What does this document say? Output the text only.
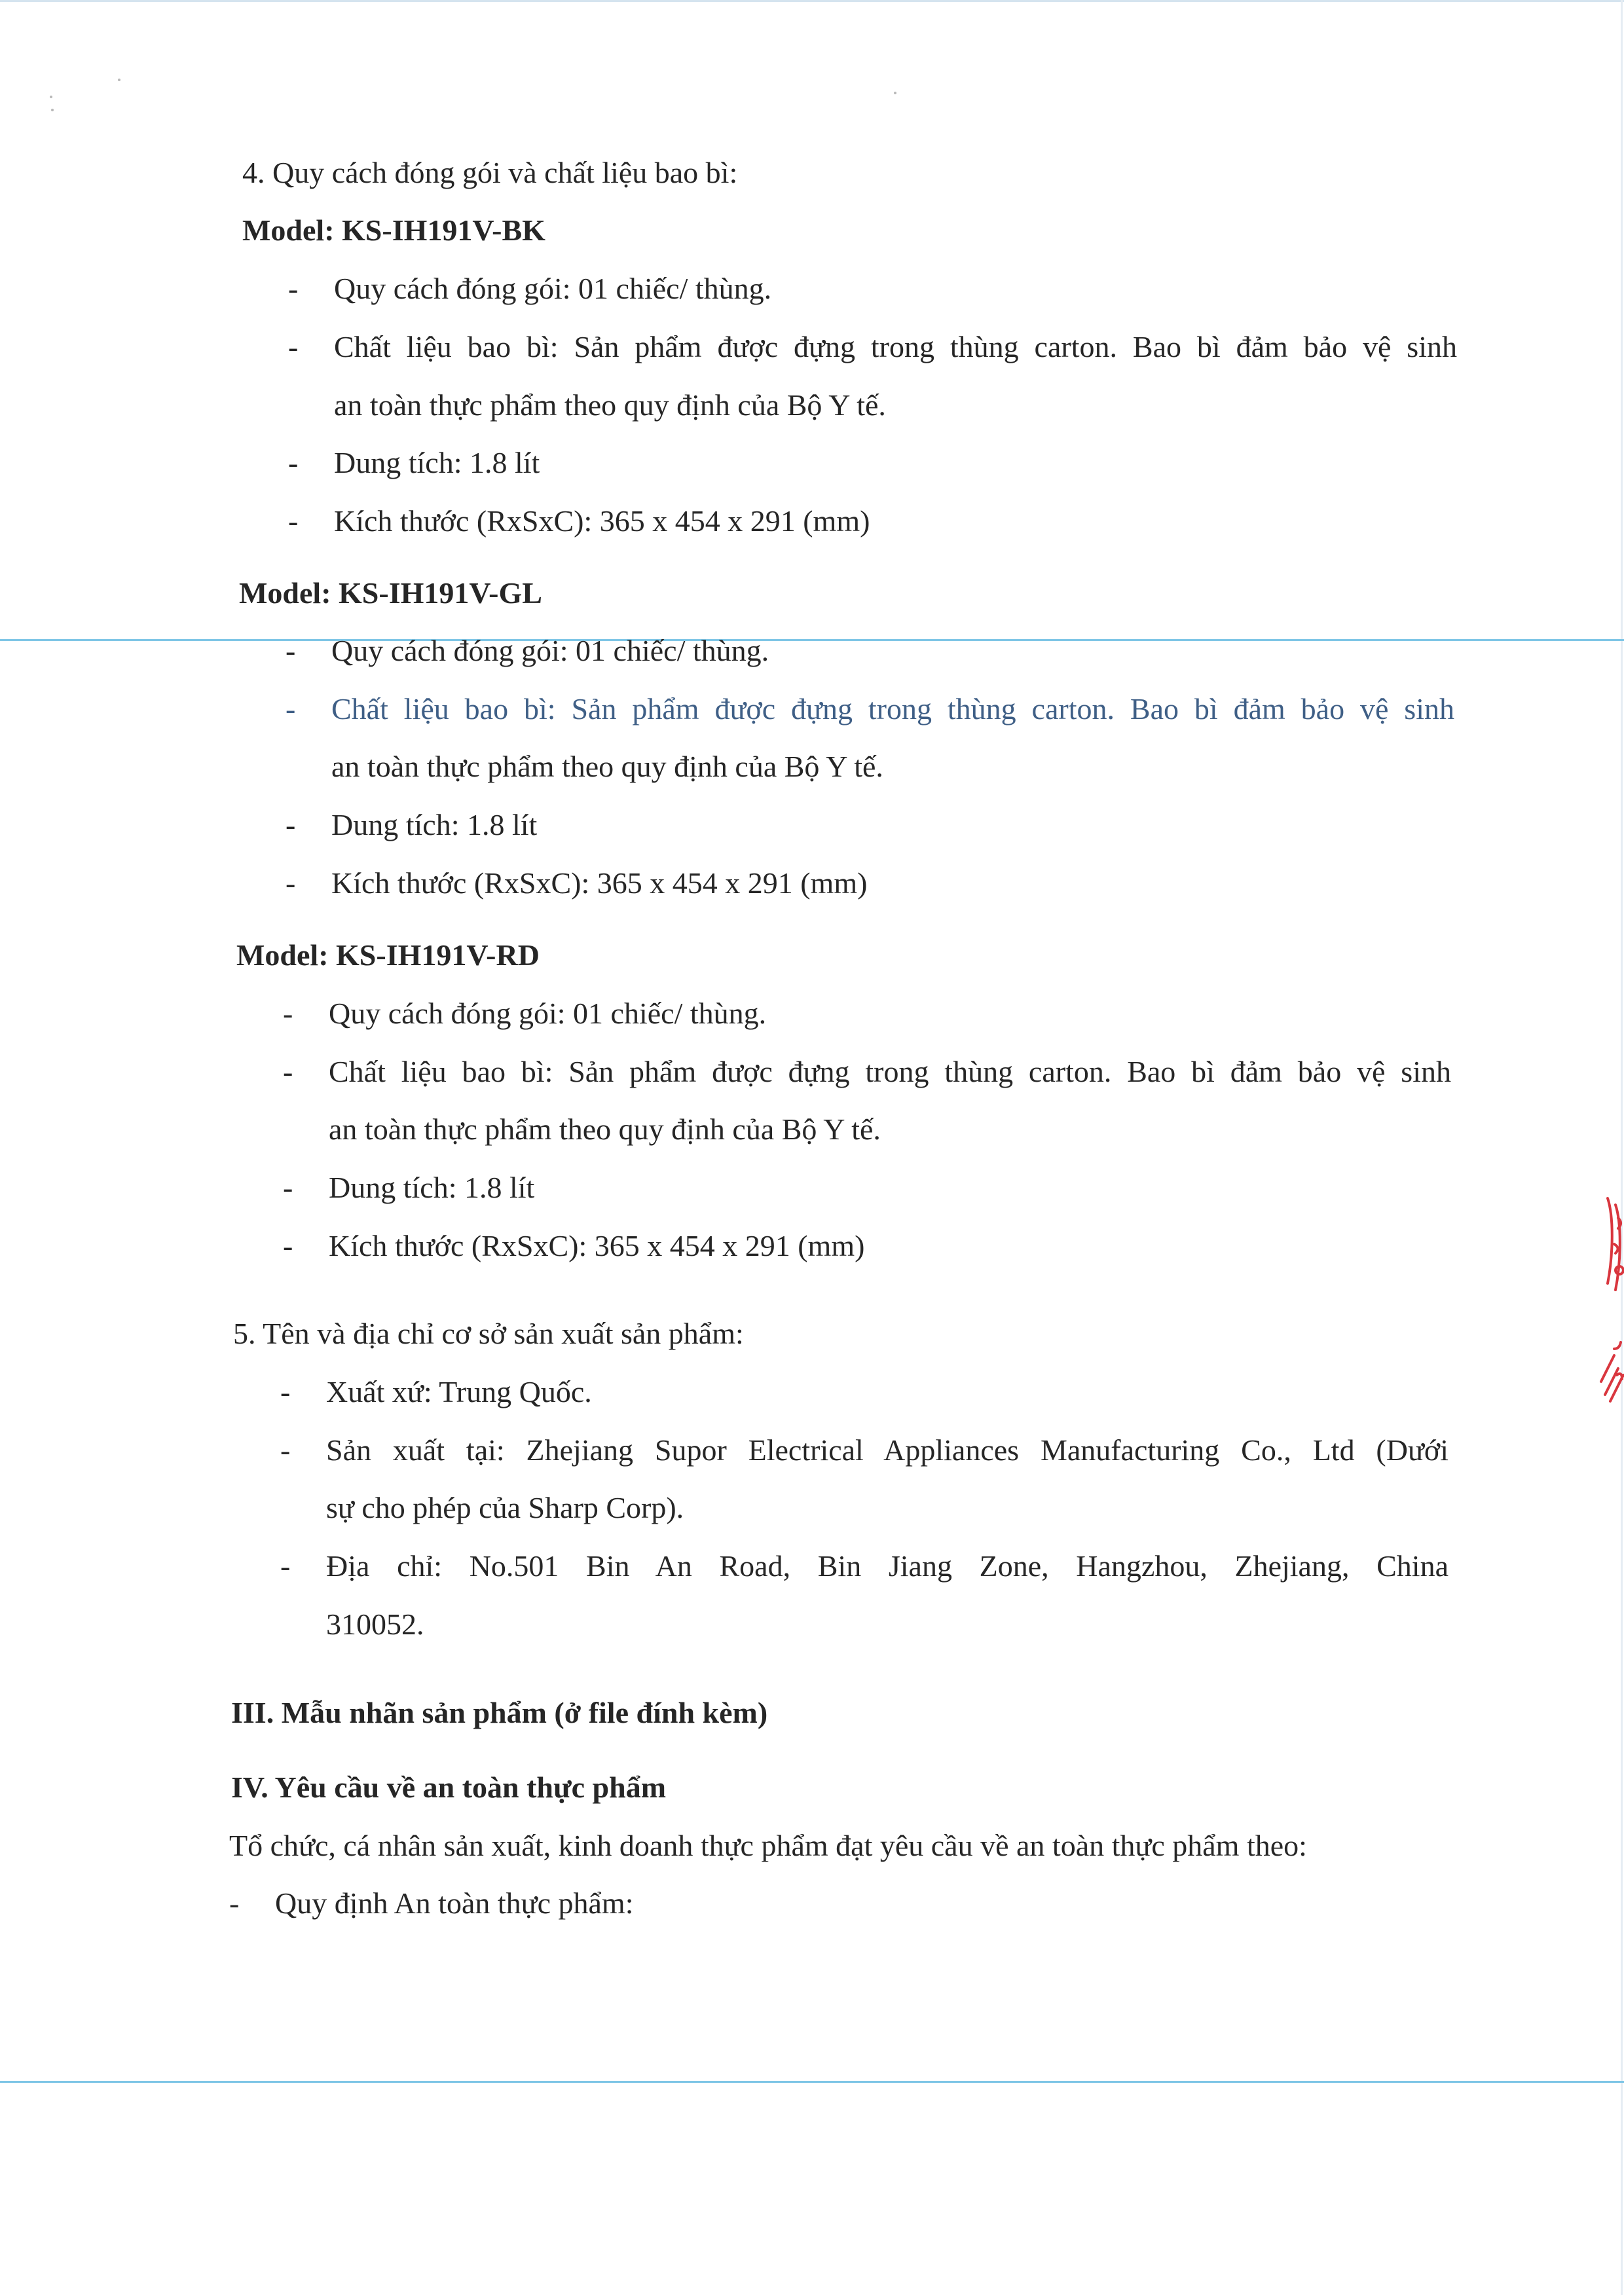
4. Quy cách đóng gói và chất liệu bao bì:
Model: KS-IH191V-BK
- Quy cách đóng gói: 01 chiếc/ thùng.
- Chất liệu bao bì: Sản phẩm được đựng trong thùng carton. Bao bì đảm bảo vệ sinh
an toàn thực phẩm theo quy định của Bộ Y tế.
- Dung tích: 1.8 lít
- Kích thước (RxSxC): 365 x 454 x 291 (mm)
Model: KS-IH191V-GL
- Quy cách đóng gói: 01 chiếc/ thùng.
- Chất liệu bao bì: Sản phẩm được đựng trong thùng carton. Bao bì đảm bảo vệ sinh
an toàn thực phẩm theo quy định của Bộ Y tế.
- Dung tích: 1.8 lít
- Kích thước (RxSxC): 365 x 454 x 291 (mm)
Model: KS-IH191V-RD
- Quy cách đóng gói: 01 chiếc/ thùng.
- Chất liệu bao bì: Sản phẩm được đựng trong thùng carton. Bao bì đảm bảo vệ sinh
an toàn thực phẩm theo quy định của Bộ Y tế.
- Dung tích: 1.8 lít
- Kích thước (RxSxC): 365 x 454 x 291 (mm)
5. Tên và địa chỉ cơ sở sản xuất sản phẩm:
- Xuất xứ: Trung Quốc.
- Sản xuất tại: Zhejiang Supor Electrical Appliances Manufacturing Co., Ltd (Dưới
sự cho phép của Sharp Corp).
- Địa chỉ: No.501 Bin An Road, Bin Jiang Zone, Hangzhou, Zhejiang, China
310052.
III. Mẫu nhãn sản phẩm (ở file đính kèm)
IV. Yêu cầu về an toàn thực phẩm
Tổ chức, cá nhân sản xuất, kinh doanh thực phẩm đạt yêu cầu về an toàn thực phẩm theo:
- Quy định An toàn thực phẩm:
